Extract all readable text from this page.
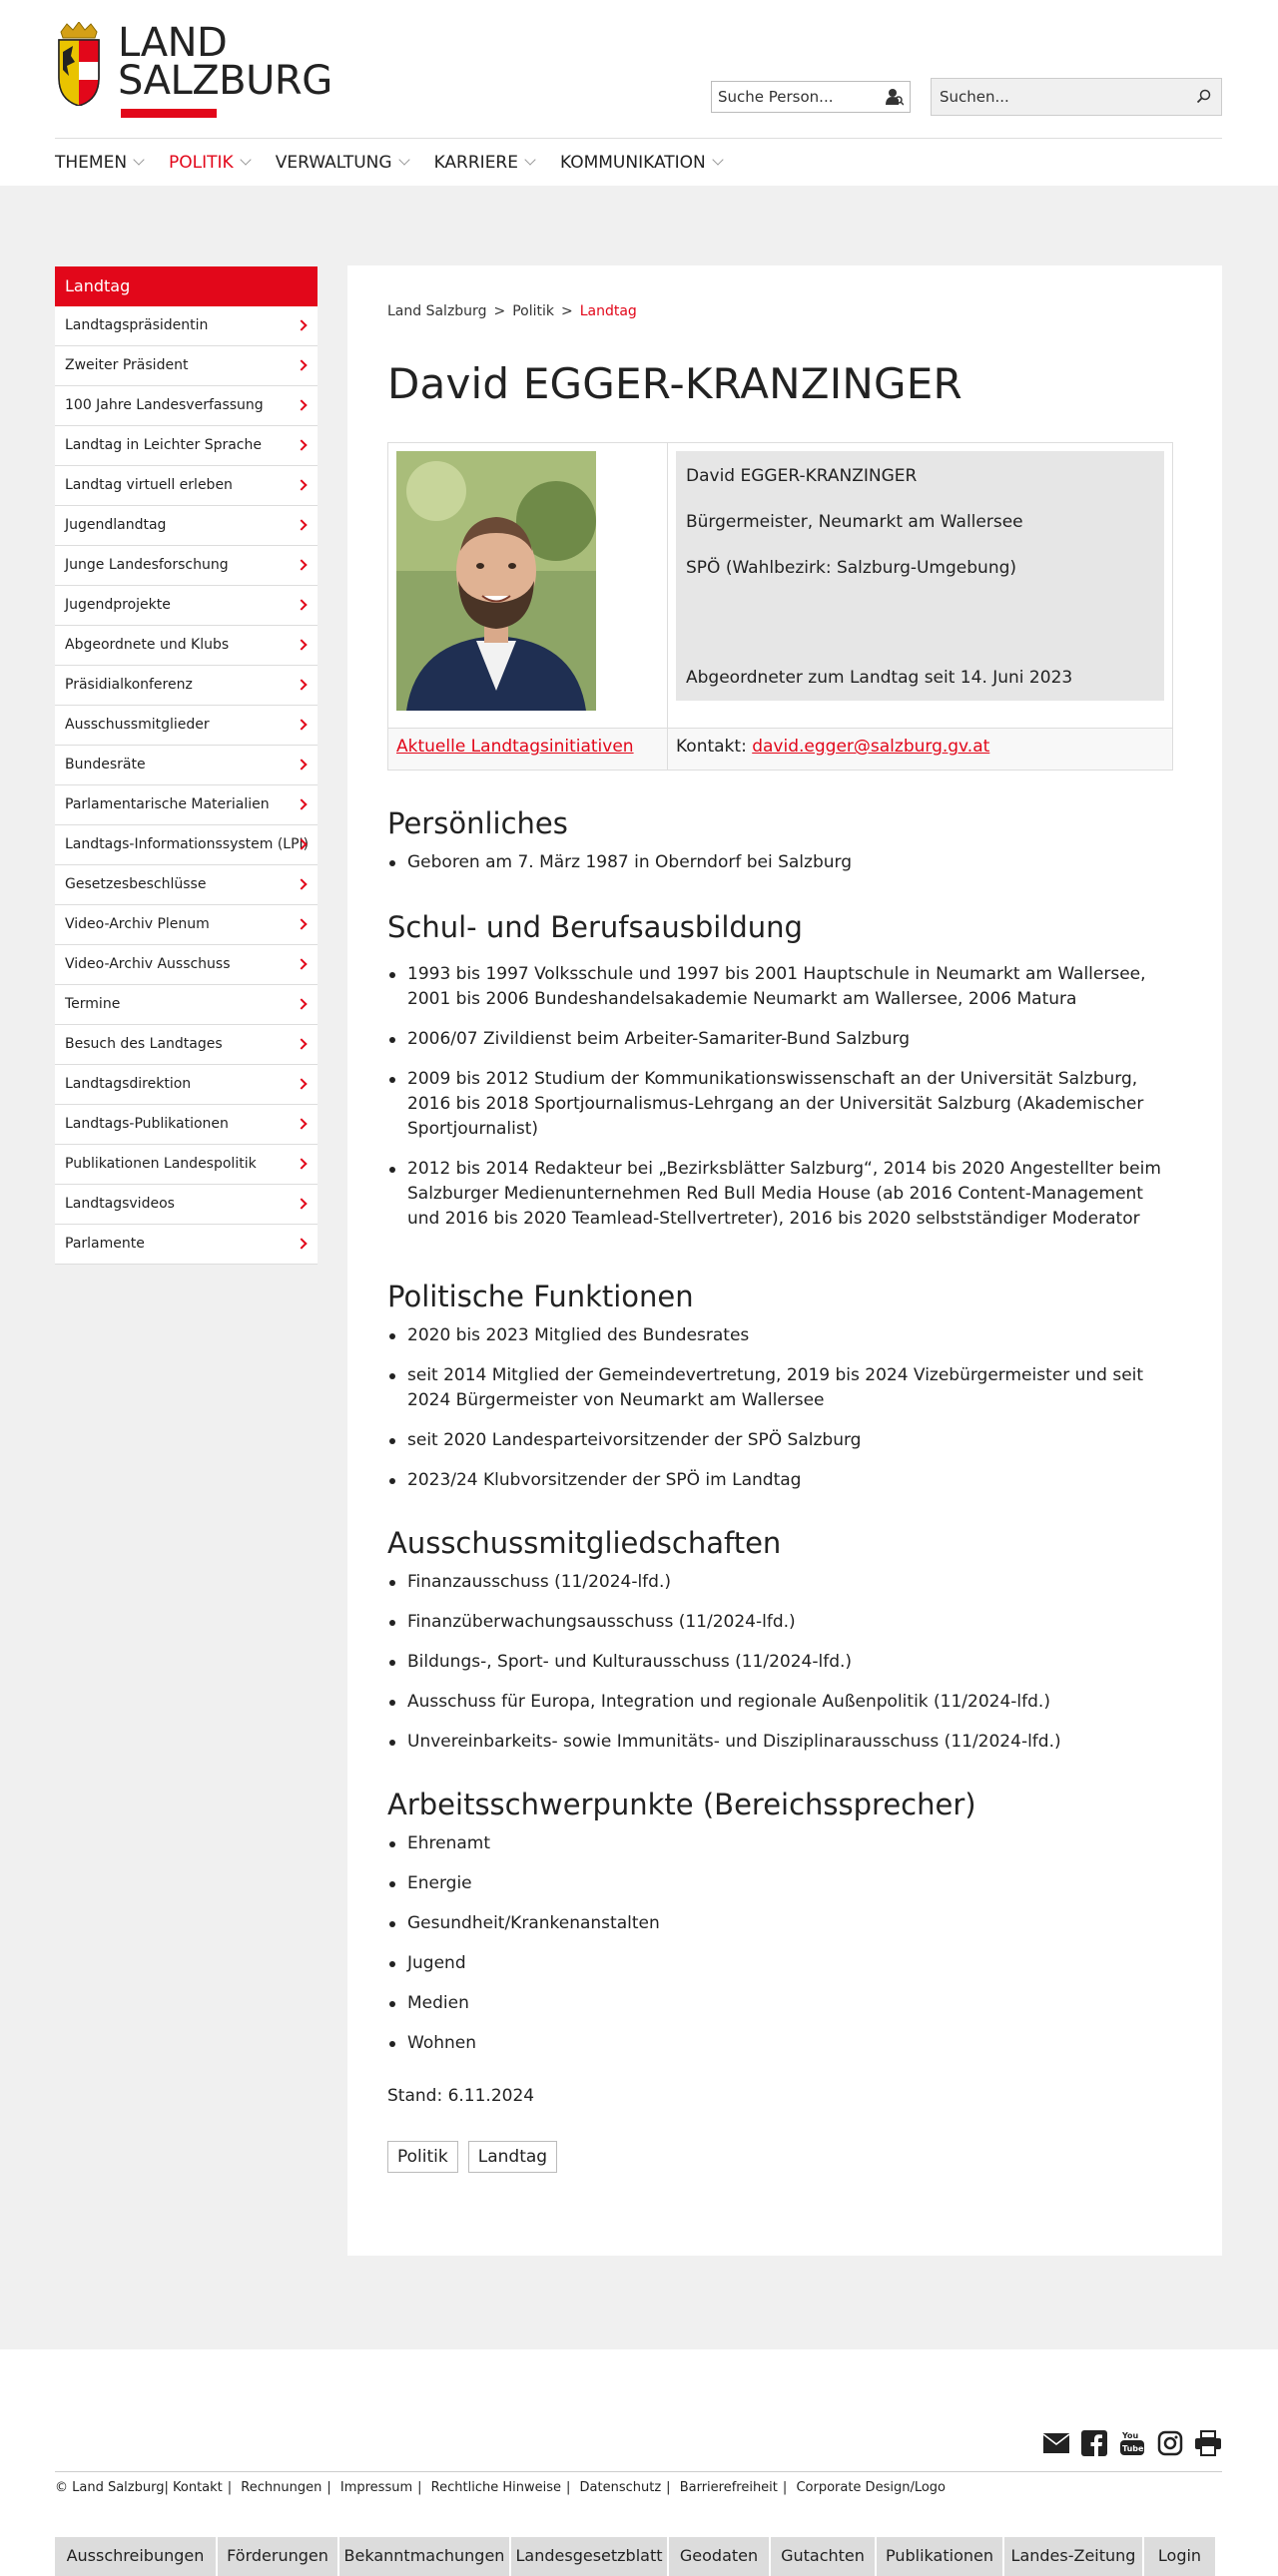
LAND
SALZBURG	Suche Person...	Suchen...
THEMEN POLITIK VERWALTUNG KARRIERE KOMMUNIKATION
Landtag
Landtagspräsidentin
Zweiter Präsident
100 Jahre Landesverfassung
Landtag in Leichter Sprache
Landtag virtuell erleben
Jugendlandtag
Junge Landesforschung
Jugendprojekte
Abgeordnete und Klubs
Präsidialkonferenz
Ausschussmitglieder
Bundesräte
Parlamentarische Materialien
Landtags-Informationssystem (LPI)
Gesetzesbeschlüsse
Video-Archiv Plenum
Video-Archiv Ausschuss
Termine
Besuch des Landtages
Landtagsdirektion
Landtags-Publikationen
Publikationen Landespolitik
Landtagsvideos
Parlamente
Land Salzburg > Politik > Landtag
David EGGER-KRANZINGER

David EGGER-KRANZINGER

Bürgermeister, Neumarkt am Wallersee

SPÖ (Wahlbezirk: Salzburg-Umgebung)

Abgeordneter zum Landtag seit 14. Juni 2023

Aktuelle Landtagsinitiativen	Kontakt: david.egger@salzburg.gv.at
Persönliches
Geboren am 7. März 1987 in Oberndorf bei Salzburg
Schul- und Berufsausbildung
1993 bis 1997 Volksschule und 1997 bis 2001 Hauptschule in Neumarkt am Wallersee, 2001 bis 2006 Bundeshandelsakademie Neumarkt am Wallersee, 2006 Matura
2006/07 Zivildienst beim Arbeiter-Samariter-Bund Salzburg
2009 bis 2012 Studium der Kommunikationswissenschaft an der Universität Salzburg, 2016 bis 2018 Sportjournalismus-Lehrgang an der Universität Salzburg (Akademischer Sportjournalist)
2012 bis 2014 Redakteur bei „Bezirksblätter Salzburg“, 2014 bis 2020 Angestellter beim Salzburger Medienunternehmen Red Bull Media House (ab 2016 Content-Management und 2016 bis 2020 Teamlead-Stellvertreter), 2016 bis 2020 selbstständiger Moderator
Politische Funktionen
2020 bis 2023 Mitglied des Bundesrates
seit 2014 Mitglied der Gemeindevertretung, 2019 bis 2024 Vizebürgermeister und seit 2024 Bürgermeister von Neumarkt am Wallersee
seit 2020 Landesparteivorsitzender der SPÖ Salzburg
2023/24 Klubvorsitzender der SPÖ im Landtag
Ausschussmitgliedschaften
Finanzausschuss (11/2024-lfd.)
Finanzüberwachungsausschuss (11/2024-lfd.)
Bildungs-, Sport- und Kulturausschuss (11/2024-lfd.)
Ausschuss für Europa, Integration und regionale Außenpolitik (11/2024-lfd.)
Unvereinbarkeits- sowie Immunitäts- und Disziplinarausschuss (11/2024-lfd.)
Arbeitsschwerpunkte (Bereichssprecher)
Ehrenamt
Energie
Gesundheit/Krankenanstalten
Jugend
Medien
Wohnen

Stand: 6.11.2024

Politik	Landtag
Ausschreibungen	Förderungen Bekanntmachungen Landesgesetzblatt	Geodaten	Gutachten	Publikationen	Landes-Zeitung	Login
You
Tube
© Land Salzburg| Kontakt | Rechnungen | Impressum | Rechtliche Hinweise | Datenschutz | Barrierefreiheit | Corporate Design/Logo
